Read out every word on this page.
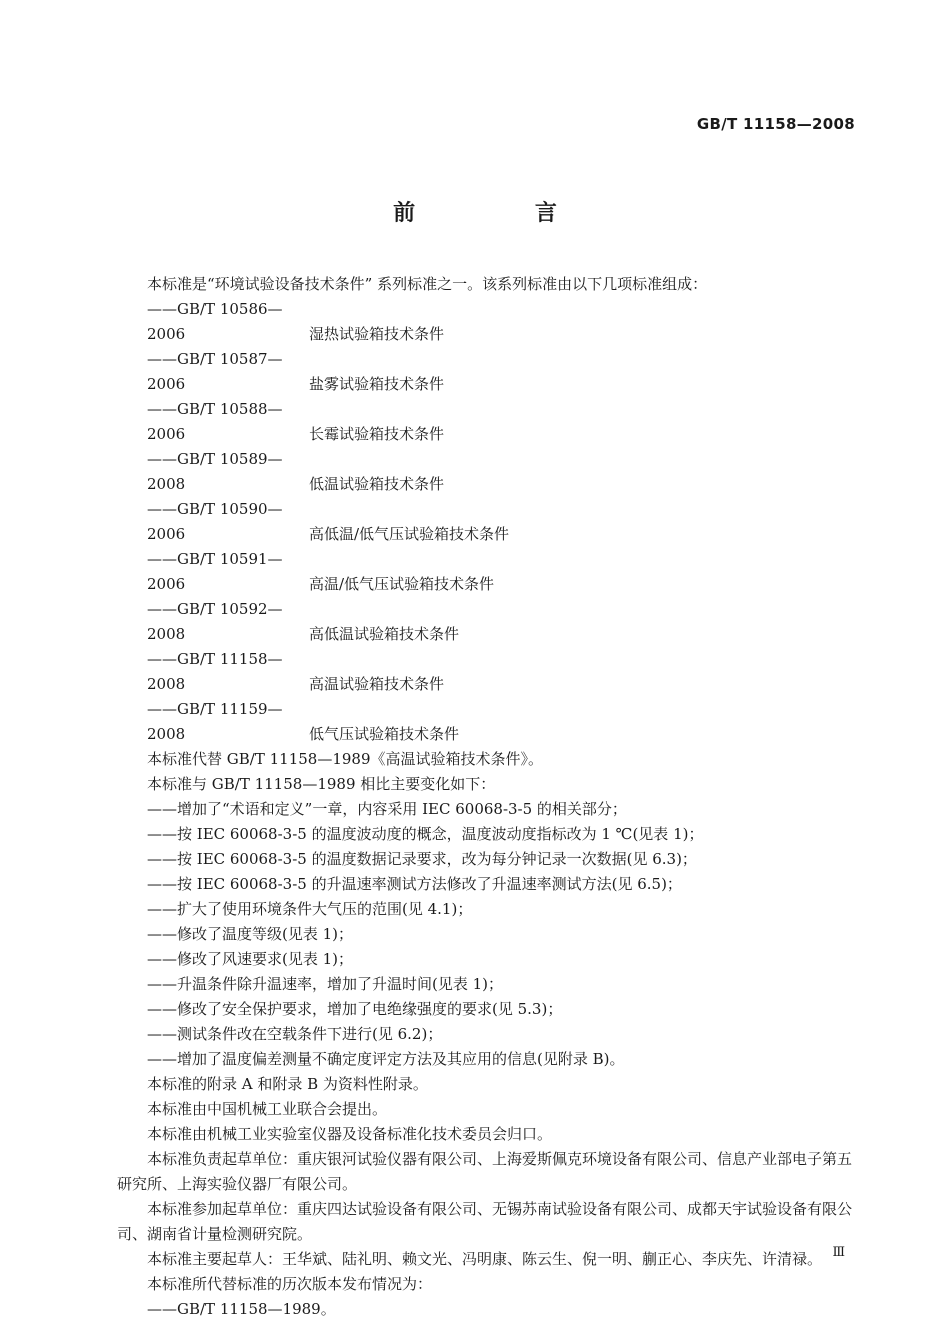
GB/T 11158—2008
前 言

本标准是“环境试验设备技术条件” 系列标准之一。该系列标准由以下几项标准组成：

——GB/T 10586—2006	湿热试验箱技术条件

——GB/T 10587—2006	盐雾试验箱技术条件

——GB/T 10588—2006	长霉试验箱技术条件

——GB/T 10589—2008	低温试验箱技术条件

——GB/T 10590—2006	高低温/低气压试验箱技术条件

——GB/T 10591—2006	高温/低气压试验箱技术条件

——GB/T 10592—2008	高低温试验箱技术条件

——GB/T 11158—2008	高温试验箱技术条件

——GB/T 11159—2008	低气压试验箱技术条件

本标准代替 GB/T 11158—1989《高温试验箱技术条件》。

本标准与 GB/T 11158—1989 相比主要变化如下：

——增加了“术语和定义”一章，内容采用 IEC 60068-3-5 的相关部分；

——按 IEC 60068-3-5 的温度波动度的概念，温度波动度指标改为 1 ℃(见表 1)；

——按 IEC 60068-3-5 的温度数据记录要求，改为每分钟记录一次数据(见 6.3)；

——按 IEC 60068-3-5 的升温速率测试方法修改了升温速率测试方法(见 6.5)；

——扩大了使用环境条件大气压的范围(见 4.1)；

——修改了温度等级(见表 1)；

——修改了风速要求(见表 1)；

——升温条件除升温速率，增加了升温时间(见表 1)；

——修改了安全保护要求，增加了电绝缘强度的要求(见 5.3)；

——测试条件改在空载条件下进行(见 6.2)；

——增加了温度偏差测量不确定度评定方法及其应用的信息(见附录 B)。

本标准的附录 A 和附录 B 为资料性附录。

本标准由中国机械工业联合会提出。

本标准由机械工业实验室仪器及设备标准化技术委员会归口。

本标准负责起草单位：重庆银河试验仪器有限公司、上海爱斯佩克环境设备有限公司、信息产业部电子第五研究所、上海实验仪器厂有限公司。

本标准参加起草单位：重庆四达试验设备有限公司、无锡苏南试验设备有限公司、成都天宇试验设备有限公司、湖南省计量检测研究院。

本标准主要起草人：王华斌、陆礼明、赖文光、冯明康、陈云生、倪一明、蒯正心、李庆先、许清禄。

本标准所代替标准的历次版本发布情况为：

——GB/T 11158—1989。

Ⅲ
